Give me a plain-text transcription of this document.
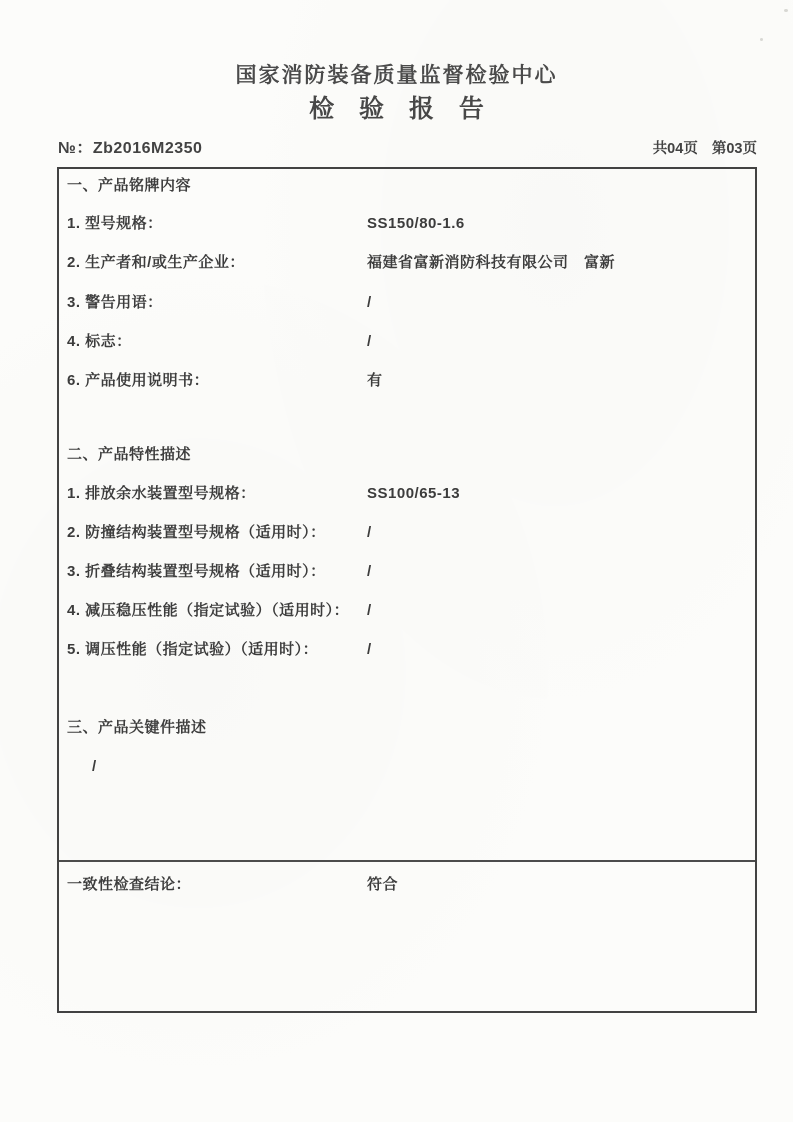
国家消防装备质量监督检验中心
检 验 报 告
№：Zb2016M2350	共04页 第03页
一、产品铭牌内容
1. 型号规格：	SS150/80-1.6
2. 生产者和/或生产企业：	福建省富新消防科技有限公司　富新
3. 警告用语：	/
4. 标志：	/
6. 产品使用说明书：	有
二、产品特性描述
1. 排放余水装置型号规格：	SS100/65-13
2. 防撞结构装置型号规格（适用时）：	/
3. 折叠结构装置型号规格（适用时）：	/
4. 减压稳压性能（指定试验）（适用时）： /
5. 调压性能（指定试验）（适用时）：	/
三、产品关键件描述
/
一致性检查结论：	符合
